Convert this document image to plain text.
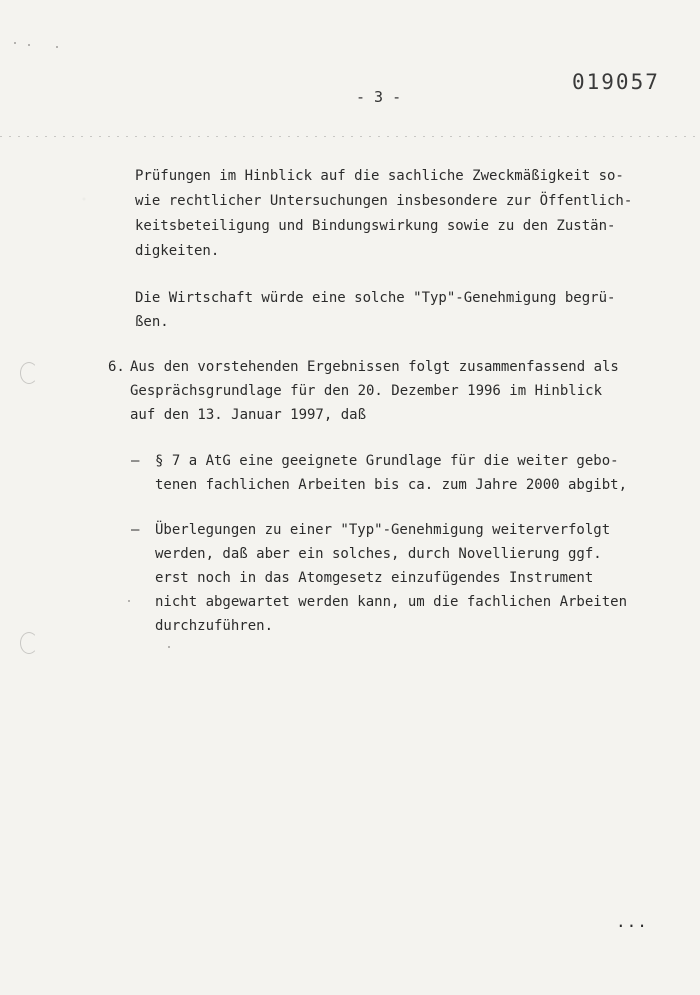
019057
- 3 -
Prüfungen im Hinblick auf die sachliche Zweckmäßigkeit so-
wie rechtlicher Untersuchungen insbesondere zur Öffentlich-
keitsbeteiligung und Bindungswirkung sowie zu den Zustän-
digkeiten.
Die Wirtschaft würde eine solche "Typ"-Genehmigung begrü-
ßen.
6. Aus den vorstehenden Ergebnissen folgt zusammenfassend als
Gesprächsgrundlage für den 20. Dezember 1996 im Hinblick
auf den 13. Januar 1997, daß
– § 7 a AtG eine geeignete Grundlage für die weiter gebo-
tenen fachlichen Arbeiten bis ca. zum Jahre 2000 abgibt,
– Überlegungen zu einer "Typ"-Genehmigung weiterverfolgt
werden, daß aber ein solches, durch Novellierung ggf.
erst noch in das Atomgesetz einzufügendes Instrument
nicht abgewartet werden kann, um die fachlichen Arbeiten
durchzuführen.
...
